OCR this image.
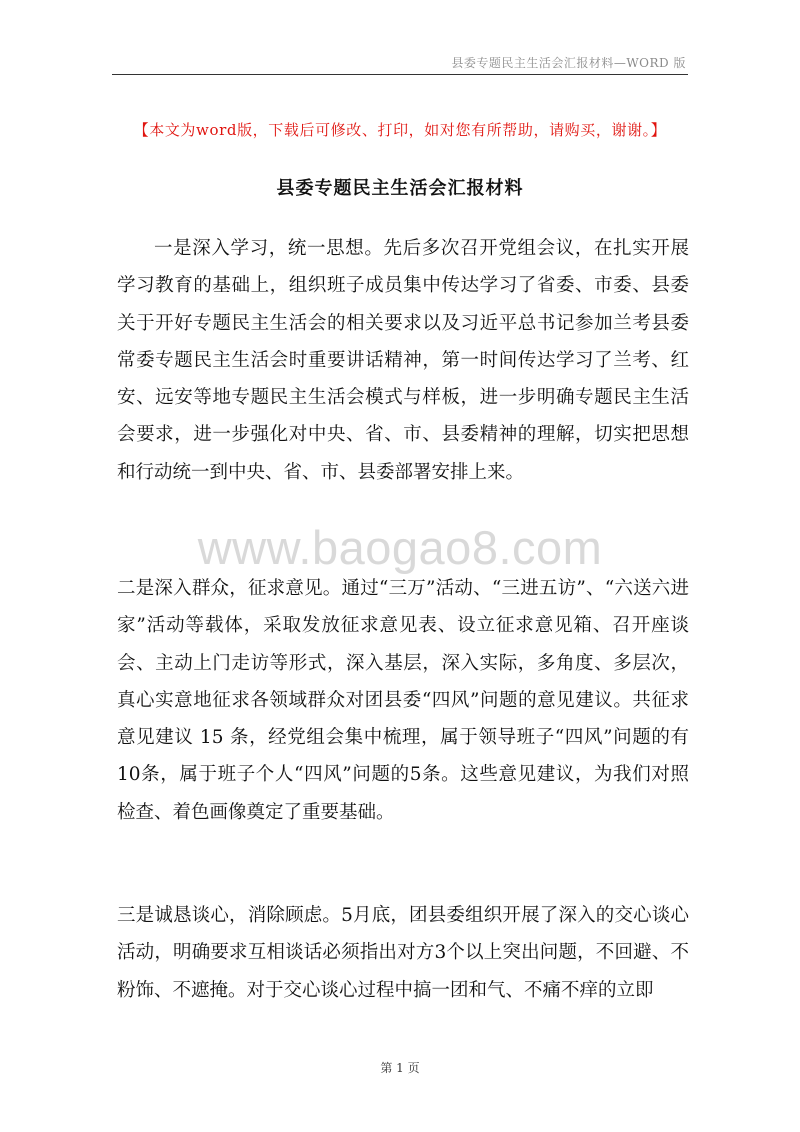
县委专题民主生活会汇报材料—WORD 版
【本文为word版，下载后可修改、打印，如对您有所帮助，请购买，谢谢。】
县委专题民主生活会汇报材料

一是深入学习，统一思想。先后多次召开党组会议，在扎实开展学习教育的基础上，组织班子成员集中传达学习了省委、市委、县委关于开好专题民主生活会的相关要求以及习近平总书记参加兰考县委常委专题民主生活会时重要讲话精神，第一时间传达学习了兰考、红安、远安等地专题民主生活会模式与样板，进一步明确专题民主生活会要求，进一步强化对中央、省、市、县委精神的理解，切实把思想和行动统一到中央、省、市、县委部署安排上来。

www.baogao8.com

二是深入群众，征求意见。通过“三万”活动、“三进五访”、“六送六进家”活动等载体，采取发放征求意见表、设立征求意见箱、召开座谈会、主动上门走访等形式，深入基层，深入实际，多角度、多层次，真心实意地征求各领域群众对团县委“四风”问题的意见建议。共征求意见建议 15 条，经党组会集中梳理，属于领导班子“四风”问题的有10条，属于班子个人“四风”问题的5条。这些意见建议，为我们对照检查、着色画像奠定了重要基础。

三是诚恳谈心，消除顾虑。5月底，团县委组织开展了深入的交心谈心活动，明确要求互相谈话必须指出对方3个以上突出问题，不回避、不粉饰、不遮掩。对于交心谈心过程中搞一团和气、不痛不痒的立即

第 1 页
